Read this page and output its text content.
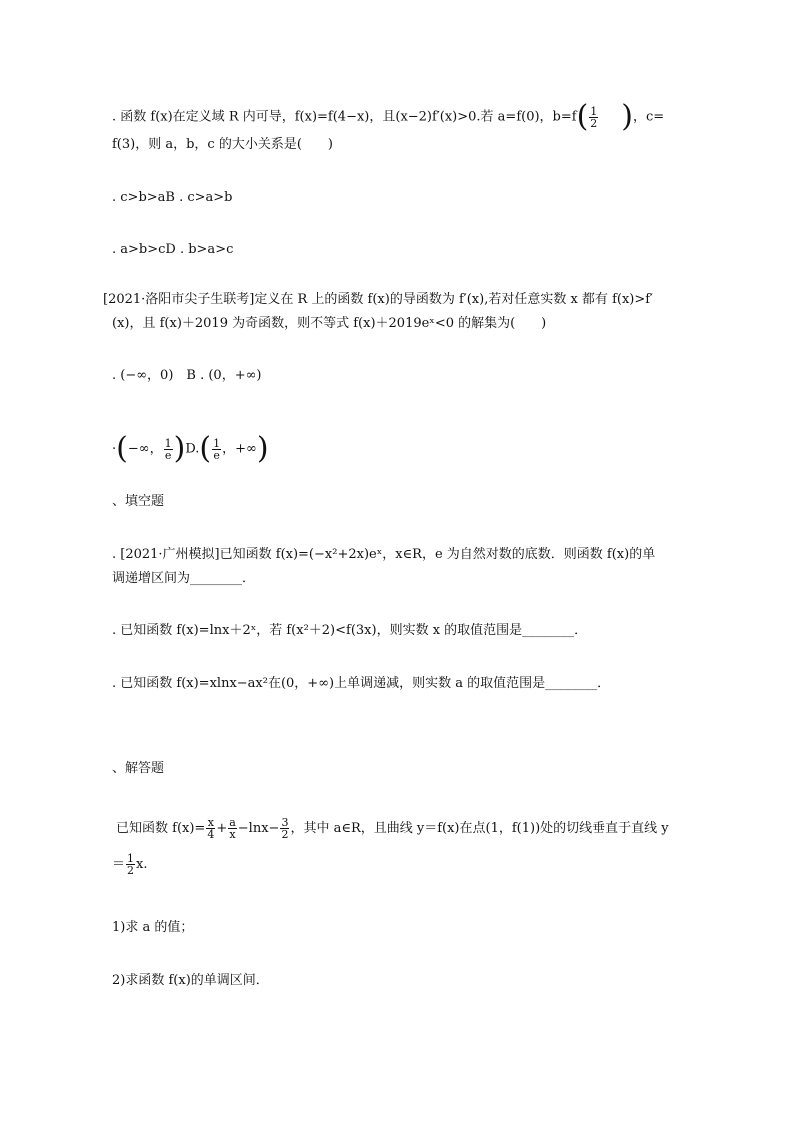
. 函数 f(x)在定义域 R 内可导，f(x)=f(4−x)，且(x−2)f′(x)>0.若 a=f(0)，$b=f( \frac{1}{2}$ )，c=
f(3)，则 a，b，c 的大小关系是(　　)
. c>b>aB . c>a>b
. a>b>cD . b>a>c
[2021·洛阳市尖子生联考]定义在 R 上的函数 f(x)的导函数为 f′(x),若对任意实数 x 都有 f(x)>f′
(x)，且 f(x)＋2019 为奇函数，则不等式 f(x)＋2019eˣ<0 的解集为(　　)
. (−∞，0)　B . (0，+∞)
·(−∞， $\frac{1}{e} )D.( \frac{1}{e}$ ，+∞)
、填空题
. [2021·广州模拟]已知函数 f(x)=(−x²+2x)eˣ，x∈R，e 为自然对数的底数．则函数 f(x)的单
调递增区间为________．
. 已知函数 f(x)=lnx＋2ˣ，若 f(x²＋2)<f(3x)，则实数 x 的取值范围是________．
. 已知函数 f(x)=xlnx−ax²在(0，+∞)上单调递减，则实数 a 的取值范围是________．
、解答题
已知函数 $f(x)= \frac{x}{4} + \frac{a}{x} -\ln x- \frac{3}{2}$ ，其中 a∈R，且曲线 y＝f(x)在点(1，f(1))处的切线垂直于直线 y
＝ $\frac{1}{2} x$.
1)求 a 的值；
2)求函数 f(x)的单调区间．
